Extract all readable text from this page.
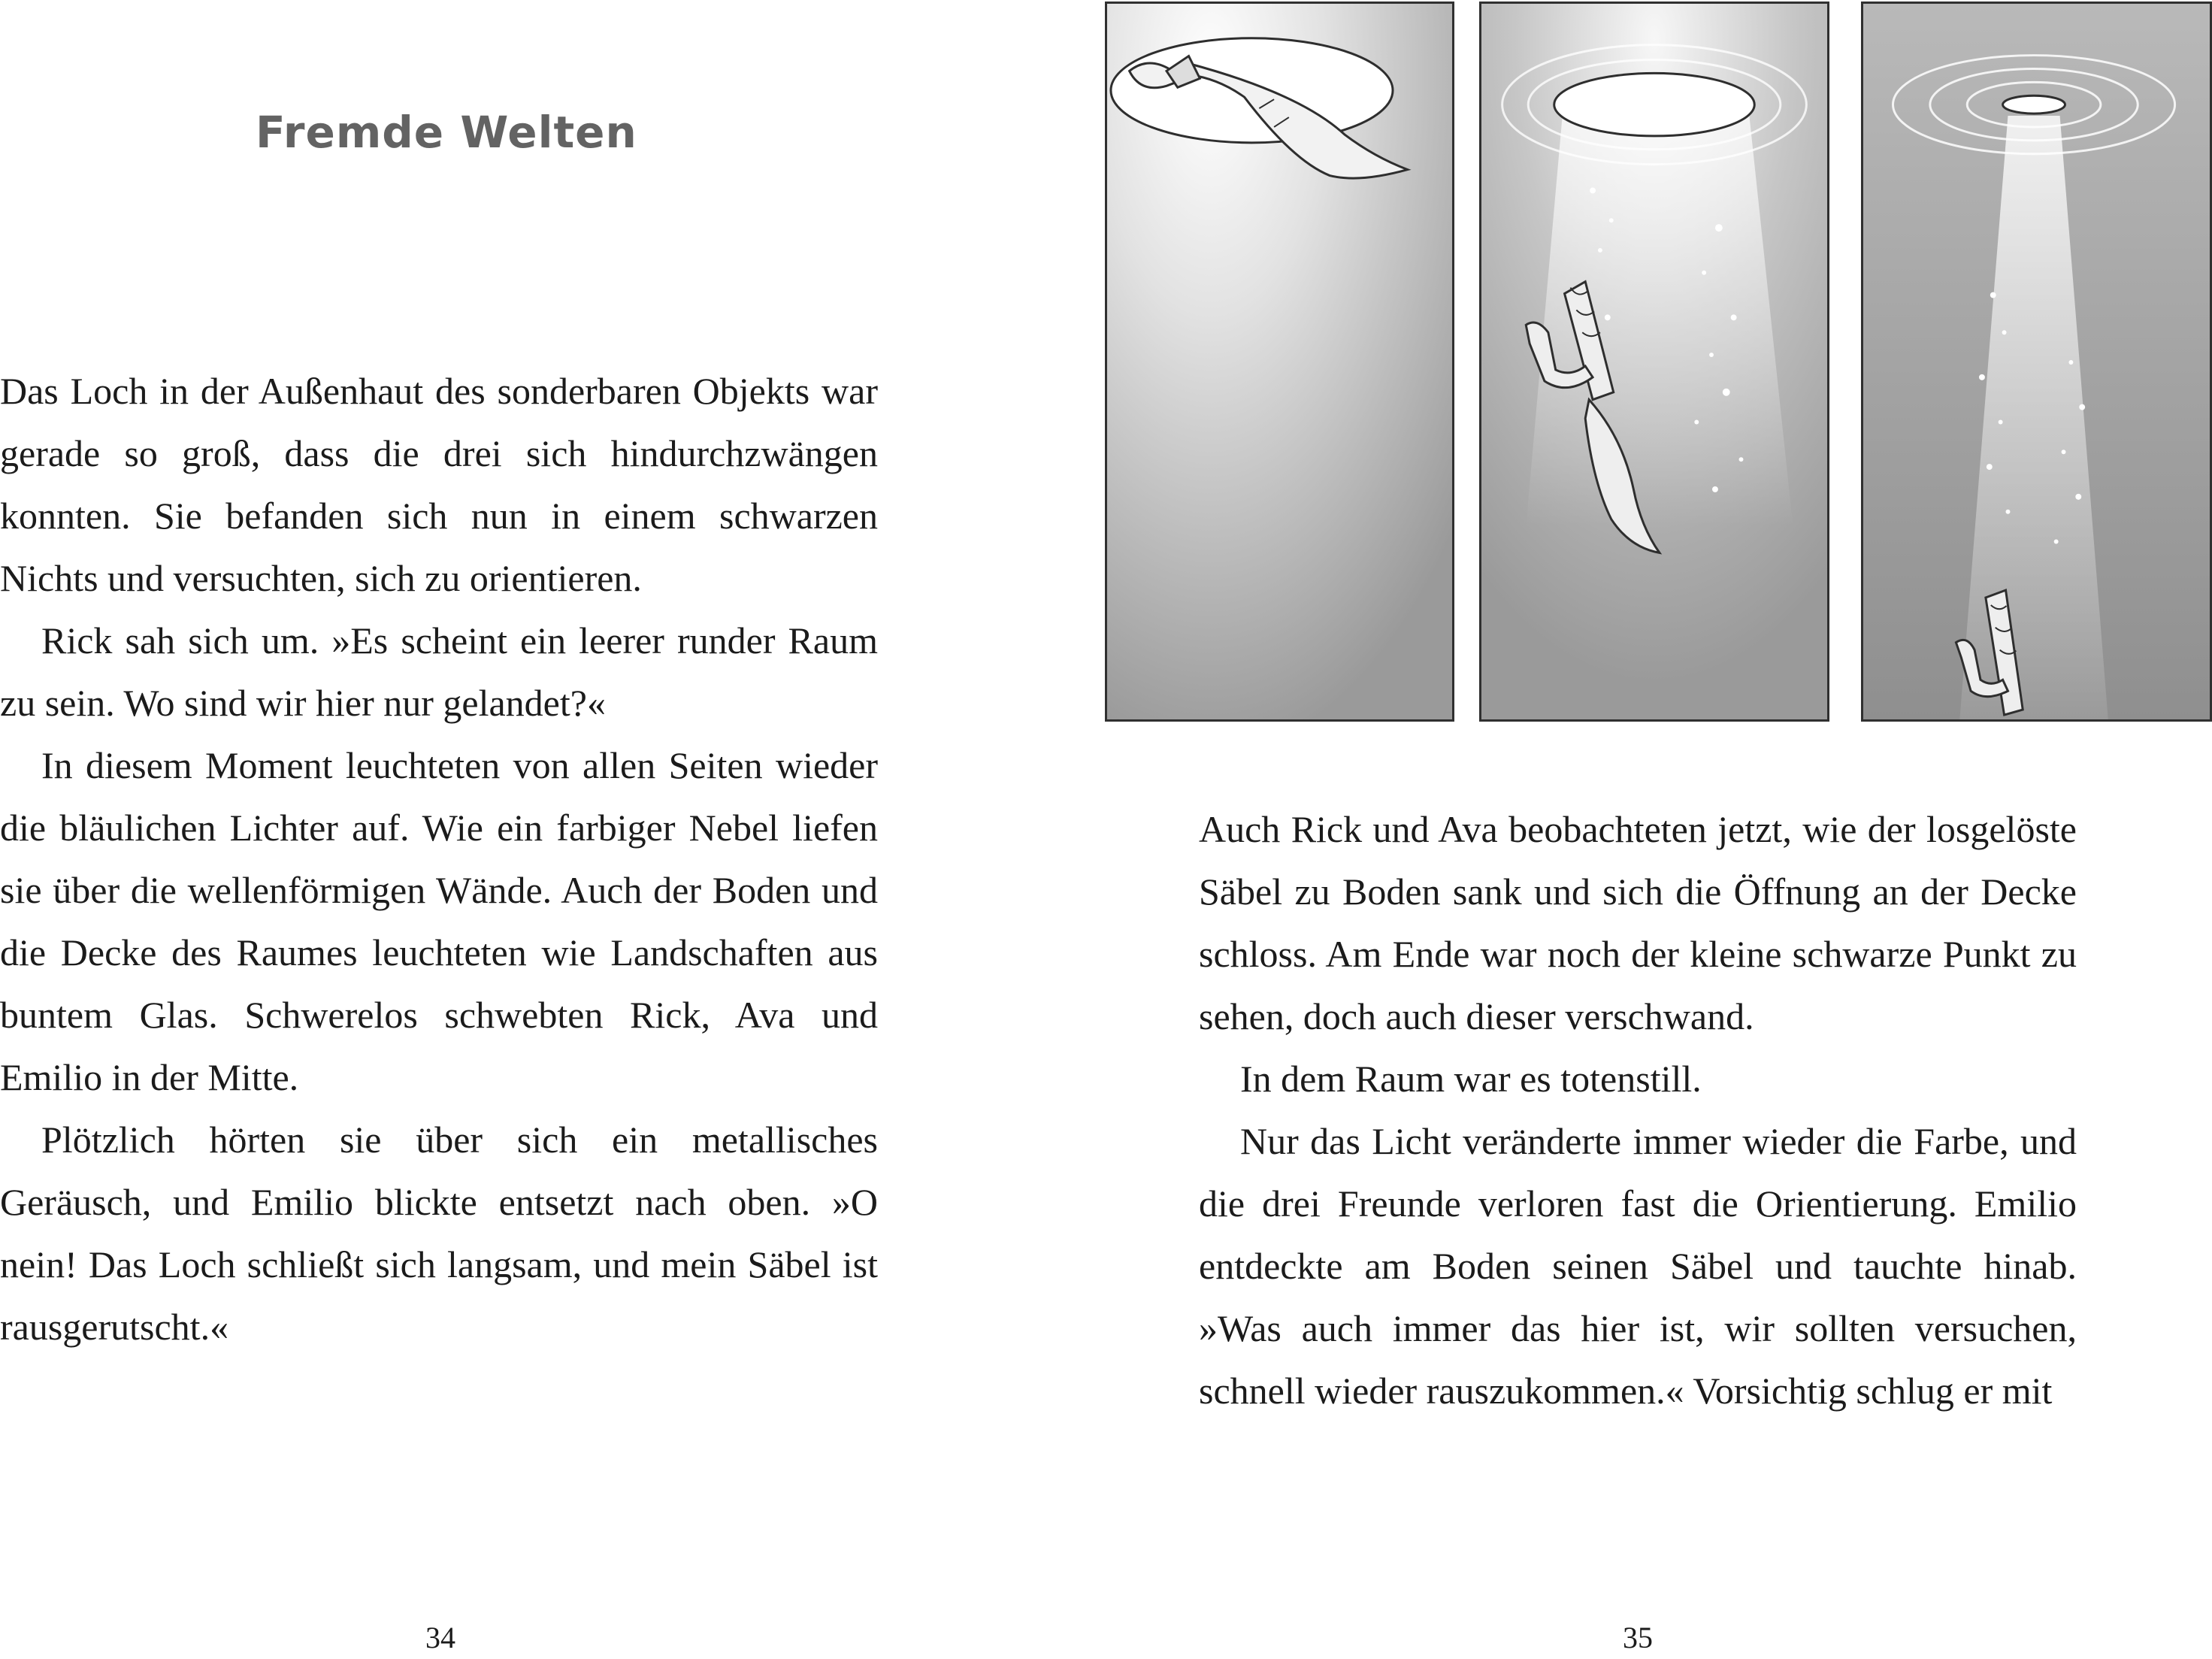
Fremde Welten

Das Loch in der Außenhaut des sonderbaren Objekts war gerade so groß, dass die drei sich hindurchzwängen konnten. Sie befanden sich nun in einem schwarzen Nichts und versuchten, sich zu orientieren.

Rick sah sich um. »Es scheint ein leerer runder Raum zu sein. Wo sind wir hier nur gelandet?«

In diesem Moment leuchteten von allen Seiten wieder die bläulichen Lichter auf. Wie ein farbiger Nebel liefen sie über die wellenförmigen Wände. Auch der Boden und die Decke des Raumes leuchteten wie Landschaften aus buntem Glas. Schwerelos schwebten Rick, Ava und Emilio in der Mitte.

Plötzlich hörten sie über sich ein metallisches Geräusch, und Emilio blickte entsetzt nach oben. »O nein! Das Loch schließt sich langsam, und mein Säbel ist rausgerutscht.«

34

Auch Rick und Ava beobachteten jetzt, wie der losgelöste Säbel zu Boden sank und sich die Öffnung an der Decke schloss. Am Ende war noch der kleine schwarze Punkt zu sehen, doch auch dieser verschwand.

In dem Raum war es totenstill.

Nur das Licht veränderte immer wieder die Farbe, und die drei Freunde verloren fast die Orientierung. Emilio entdeckte am Boden seinen Säbel und tauchte hinab. »Was auch immer das hier ist, wir sollten versuchen, schnell wieder rauszukommen.« Vorsichtig schlug er mit

35
